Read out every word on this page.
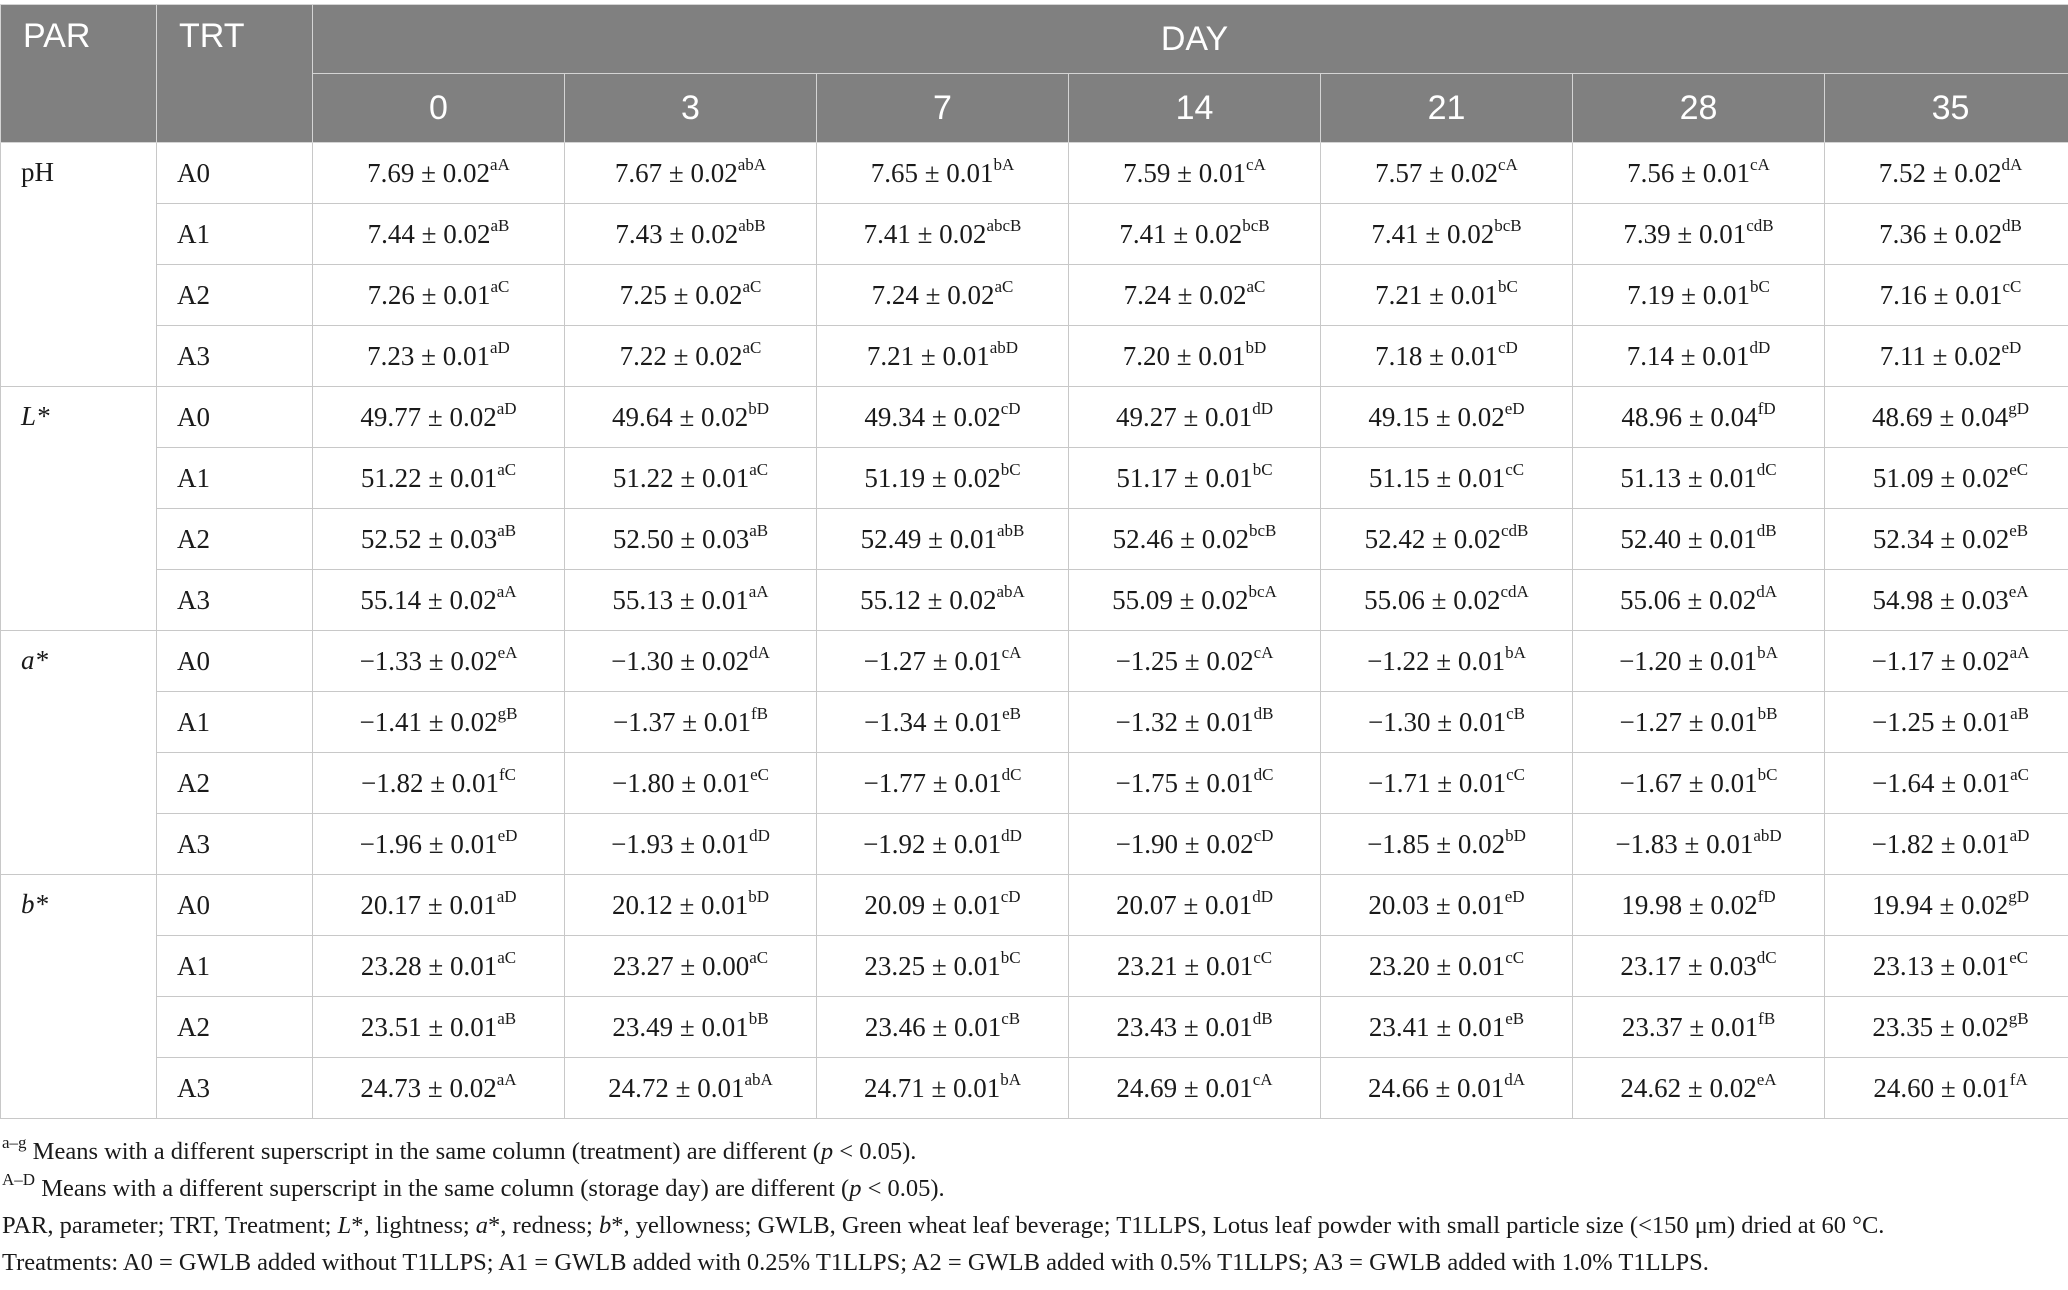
PAR	TRT	DAY						
		0	3	7	14	21	28	35
pH	A0	$7.69 \pm 0.02^{aA}$	$7.67 \pm 0.02^{abA}$	$7.65 \pm 0.01^{bA}$	$7.59 \pm 0.01^{cA}$	$7.57 \pm 0.02^{cA}$	$7.56 \pm 0.01^{cA}$	$7.52 \pm 0.02^{dA}$
	A1	$7.44 \pm 0.02^{aB}$	$7.43 \pm 0.02^{abB}$	$7.41 \pm 0.02^{abcB}$	$7.41 \pm 0.02^{bcB}$	$7.41 \pm 0.02^{bcB}$	$7.39 \pm 0.01^{cdB}$	$7.36 \pm 0.02^{dB}$
	A2	$7.26 \pm 0.01^{aC}$	$7.25 \pm 0.02^{aC}$	$7.24 \pm 0.02^{aC}$	$7.24 \pm 0.02^{aC}$	$7.21 \pm 0.01^{bC}$	$7.19 \pm 0.01^{bC}$	$7.16 \pm 0.01^{cC}$
	A3	$7.23 \pm 0.01^{aD}$	$7.22 \pm 0.02^{aC}$	$7.21 \pm 0.01^{abD}$	$7.20 \pm 0.01^{bD}$	$7.18 \pm 0.01^{cD}$	$7.14 \pm 0.01^{dD}$	$7.11 \pm 0.02^{eD}$
L*	A0	$49.77 \pm 0.02^{aD}$	$49.64 \pm 0.02^{bD}$	$49.34 \pm 0.02^{cD}$	$49.27 \pm 0.01^{dD}$	$49.15 \pm 0.02^{eD}$	$48.96 \pm 0.04^{fD}$	$48.69 \pm 0.04^{gD}$
	A1	$51.22 \pm 0.01^{aC}$	$51.22 \pm 0.01^{aC}$	$51.19 \pm 0.02^{bC}$	$51.17 \pm 0.01^{bC}$	$51.15 \pm 0.01^{cC}$	$51.13 \pm 0.01^{dC}$	$51.09 \pm 0.02^{eC}$
	A2	$52.52 \pm 0.03^{aB}$	$52.50 \pm 0.03^{aB}$	$52.49 \pm 0.01^{abB}$	$52.46 \pm 0.02^{bcB}$	$52.42 \pm 0.02^{cdB}$	$52.40 \pm 0.01^{dB}$	$52.34 \pm 0.02^{eB}$
	A3	$55.14 \pm 0.02^{aA}$	$55.13 \pm 0.01^{aA}$	$55.12 \pm 0.02^{abA}$	$55.09 \pm 0.02^{bcA}$	$55.06 \pm 0.02^{cdA}$	$55.06 \pm 0.02^{dA}$	$54.98 \pm 0.03^{eA}$
a*	A0	$-1.33 \pm 0.02^{eA}$	$-1.30 \pm 0.02^{dA}$	$-1.27 \pm 0.01^{cA}$	$-1.25 \pm 0.02^{cA}$	$-1.22 \pm 0.01^{bA}$	$-1.20 \pm 0.01^{bA}$	$-1.17 \pm 0.02^{aA}$
	A1	$-1.41 \pm 0.02^{gB}$	$-1.37 \pm 0.01^{fB}$	$-1.34 \pm 0.01^{eB}$	$-1.32 \pm 0.01^{dB}$	$-1.30 \pm 0.01^{cB}$	$-1.27 \pm 0.01^{bB}$	$-1.25 \pm 0.01^{aB}$
	A2	$-1.82 \pm 0.01^{fC}$	$-1.80 \pm 0.01^{eC}$	$-1.77 \pm 0.01^{dC}$	$-1.75 \pm 0.01^{dC}$	$-1.71 \pm 0.01^{cC}$	$-1.67 \pm 0.01^{bC}$	$-1.64 \pm 0.01^{aC}$
	A3	$-1.96 \pm 0.01^{eD}$	$-1.93 \pm 0.01^{dD}$	$-1.92 \pm 0.01^{dD}$	$-1.90 \pm 0.02^{cD}$	$-1.85 \pm 0.02^{bD}$	$-1.83 \pm 0.01^{abD}$	$-1.82 \pm 0.01^{aD}$
b*	A0	$20.17 \pm 0.01^{aD}$	$20.12 \pm 0.01^{bD}$	$20.09 \pm 0.01^{cD}$	$20.07 \pm 0.01^{dD}$	$20.03 \pm 0.01^{eD}$	$19.98 \pm 0.02^{fD}$	$19.94 \pm 0.02^{gD}$
	A1	$23.28 \pm 0.01^{aC}$	$23.27 \pm 0.00^{aC}$	$23.25 \pm 0.01^{bC}$	$23.21 \pm 0.01^{cC}$	$23.20 \pm 0.01^{cC}$	$23.17 \pm 0.03^{dC}$	$23.13 \pm 0.01^{eC}$
	A2	$23.51 \pm 0.01^{aB}$	$23.49 \pm 0.01^{bB}$	$23.46 \pm 0.01^{cB}$	$23.43 \pm 0.01^{dB}$	$23.41 \pm 0.01^{eB}$	$23.37 \pm 0.01^{fB}$	$23.35 \pm 0.02^{gB}$
	A3	$24.73 \pm 0.02^{aA}$	$24.72 \pm 0.01^{abA}$	$24.71 \pm 0.01^{bA}$	$24.69 \pm 0.01^{cA}$	$24.66 \pm 0.01^{dA}$	$24.62 \pm 0.02^{eA}$	$24.60 \pm 0.01^{fA}$

$^{a-g}$ Means with a different superscript in the same column (treatment) are different (p < 0.05).

$^{A-D}$ Means with a different superscript in the same column (storage day) are different (p < 0.05).

PAR, parameter; TRT, Treatment; L*, lightness; a*, redness; b*, yellowness; GWLB, Green wheat leaf beverage; T1LLPS, Lotus leaf powder with small particle size (<150 μm) dried at 60 °C.

Treatments: A0 = GWLB added without T1LLPS; A1 = GWLB added with 0.25% T1LLPS; A2 = GWLB added with 0.5% T1LLPS; A3 = GWLB added with 1.0% T1LLPS.
